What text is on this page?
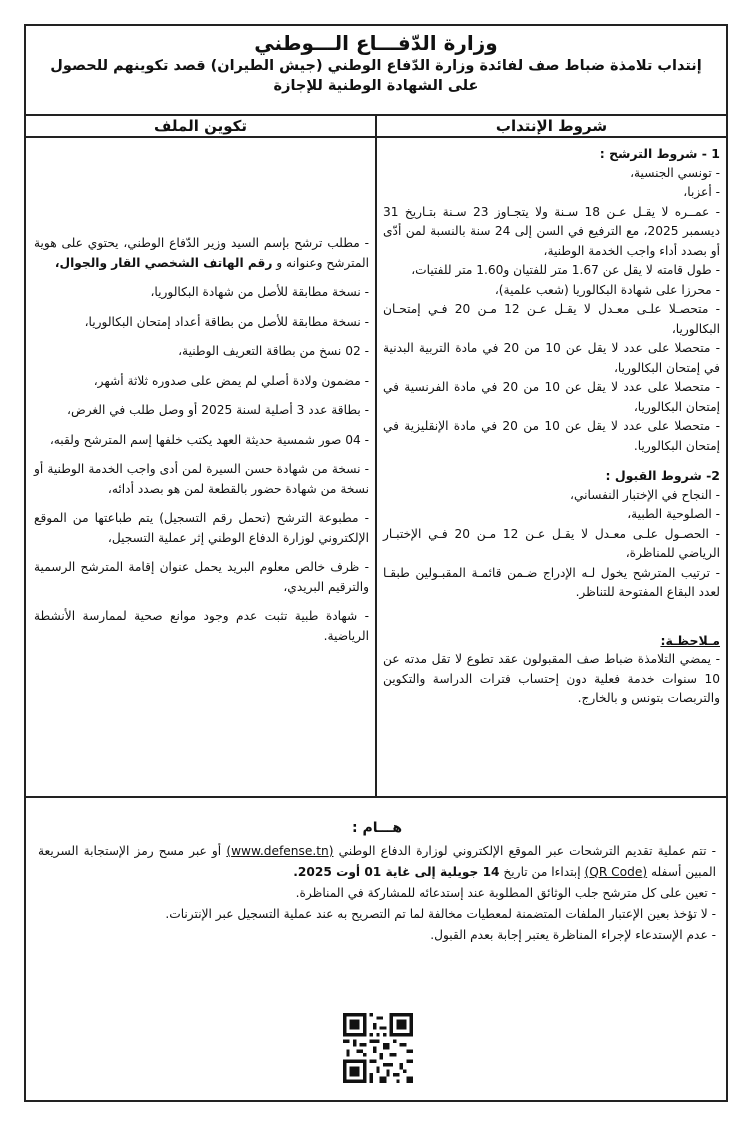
وزارة الدّفـــاع الـــوطني
إنتداب تلامذة ضباط صف لفائدة وزارة الدّفاع الوطني (جيش الطيران) قصد تكوينهم للحصول على الشهادة الوطنية للإجازة
شروط الإنتداب
تكوين الملف
1 - شروط الترشح :

- تونسي الجنسية،

- أعزبا،

- عمــره لا يقـل عـن 18 سـنة ولا يتجـاوز 23 سـنة بتـاريخ 31 ديسمبر 2025، مع الترفيع في السن إلى 24 سنة بالنسبة لمن أدّى أو بصدد أداء واجب الخدمة الوطنية،

- طول قامته لا يقل عن 1.67 متر للفتيان و1.60 متر للفتيات،

- محرزا على شهادة البكالوريا (شعب علمية)،

- متحصـلا علـى معـدل لا يقـل عـن 12 مـن 20 فـي إمتحـان البكالوريا،

- متحصلا على عدد لا يقل عن 10 من 20 في مادة التربية البدنية في إمتحان البكالوريا،

- متحصلا على عدد لا يقل عن 10 من 20 في مادة الفرنسية في إمتحان البكالوريا،

- متحصلا على عدد لا يقل عن 10 من 20 في مادة الإنقليزية في إمتحان البكالوريا.

2- شروط القبول :

- النجاح في الإختبار النفساني،

- الصلوحية الطبية،

- الحصـول علـى معـدل لا يقـل عـن 12 مـن 20 فـي الإختبـار الرياضي للمناظرة،

- ترتيب المترشح يخول لـه الإدراج ضـمن قائمـة المقبـولين طبقـا لعدد البقاع المفتوحة للتناظر.

مـلاحظـة:

- يمضي التلامذة ضباط صف المقبولون عقد تطوع لا تقل مدته عن 10 سنوات خدمة فعلية دون إحتساب فترات الدراسة والتكوين والتربصات بتونس و بالخارج.

- مطلب ترشح بإسم السيد وزير الدّفاع الوطني، يحتوي على هوية المترشح وعنوانه و رقم الهاتف الشخصي القار والجوال،

- نسخة مطابقة للأصل من شهادة البكالوريا،

- نسخة مطابقة للأصل من بطاقة أعداد إمتحان البكالوريا،

- 02 نسخ من بطاقة التعريف الوطنية،

- مضمون ولادة أصلي لم يمض على صدوره ثلاثة أشهر،

- بطاقة عدد 3 أصلية لسنة 2025 أو وصل طلب في الغرض،

- 04 صور شمسية حديثة العهد يكتب خلفها إسم المترشح ولقبه،

- نسخة من شهادة حسن السيرة لمن أدى واجب الخدمة الوطنية أو نسخة من شهادة حضور بالقطعة لمن هو بصدد أدائه،

- مطبوعة الترشح (تحمل رقم التسجيل) يتم طباعتها من الموقع الإلكتروني لوزارة الدفاع الوطني إثر عملية التسجيل،

- ظرف خالص معلوم البريد يحمل عنوان إقامة المترشح الرسمية والترقيم البريدي،

- شهادة طبية تثبت عدم وجود موانع صحية لممارسة الأنشطة الرياضية.

هـــام :

- تتم عملية تقديم الترشحات عبر الموقع الإلكتروني لوزارة الدفاع الوطني (www.defense.tn) أو عبر مسح رمز الإستجابة السريعة المبين أسفله (QR Code) إبتداءا من تاريخ 14 جويلية إلى غاية 01 أوت 2025.

- تعين على كل مترشح جلب الوثائق المطلوبة عند إستدعائه للمشاركة في المناظرة.

- لا تؤخذ بعين الإعتبار الملفات المتضمنة لمعطيات مخالفة لما تم التصريح به عند عملية التسجيل عبر الإنترنات.

- عدم الإستدعاء لإجراء المناظرة يعتبر إجابة بعدم القبول.
